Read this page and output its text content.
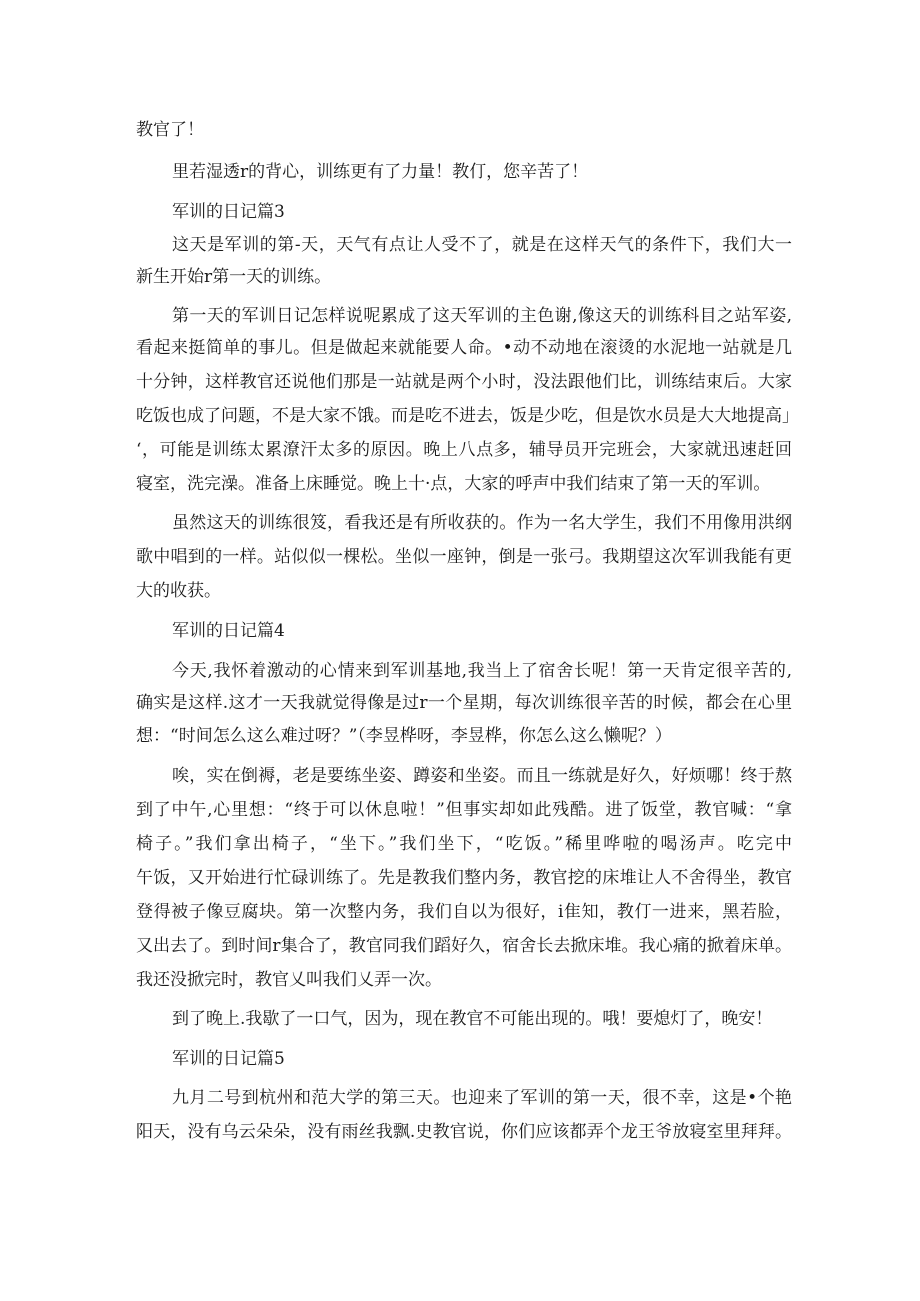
教官了！
里若湿透r的背心，训练更有了力量！教仃，您辛苦了！
军训的日记篇3
这天是军训的第-天，天气有点让人受不了，就是在这样天气的条件下，我们大一
新生开始r第一天的训练。
第一天的军训日记怎样说呢累成了这天军训的主色谢,像这天的训练科目之站军姿,
看起来挺简单的事儿。但是做起来就能要人命。•动不动地在滚烫的水泥地一站就是几
十分钟，这样教官还说他们那是一站就是两个小时，没法跟他们比，训练结束后。大家
吃饭也成了问题，不是大家不饿。而是吃不进去，饭是少吃，但是饮水员是大大地提高」
‘，可能是训练太累潦汗太多的原因。晚上八点多，辅导员开完班会，大家就迅速赶回
寝室，洗完澡。准备上床睡觉。晚上十·点，大家的呼声中我们结束了第一天的军训。
虽然这天的训练很笈，看我还是有所收获的。作为一名大学生，我们不用像用洪纲
歌中唱到的一样。站似似一棵松。坐似一座钟，倒是一张弓。我期望这次军训我能有更
大的收获。
军训的日记篇4
今天,我怀着激动的心情来到军训基地,我当上了宿舍长呢！第一天肯定很辛苦的,
确实是这样.这才一天我就觉得像是过r一个星期，每次训练很辛苦的时候，都会在心里
想：“时间怎么这么难过呀？”（李昱桦呀，李昱桦，你怎么这么懒呢？）
唉，实在倒褥，老是要练坐姿、蹲姿和坐姿。而且一练就是好久，好烦哪！终于熬
到了中午,心里想：“终于可以休息啦！”但事实却如此残酷。进了饭堂，教官喊：“拿
椅子。”我们拿出椅子，“坐下。”我们坐下，“吃饭。”稀里哗啦的喝汤声。吃完中
午饭，又开始进行忙碌训练了。先是教我们整内务，教官挖的床堆让人不舍得坐，教官
登得被子像豆腐块。第一次整内务，我们自以为很好，i隹知，教仃一进来，黑若脸，
又出去了。到时间r集合了，教官同我们蹈好久，宿舍长去掀床堆。我心痛的掀着床单。
我还没掀完时，教官乂叫我们乂弄一次。
到了晚上.我歇了一口气，因为，现在教官不可能出现的。哦！要熄灯了，晚安！
军训的日记篇5
九月二号到杭州和范大学的第三天。也迎来了军训的第一天，很不幸，这是•个艳
阳天，没有乌云朵朵，没有雨丝我飘.史教官说，你们应该都弄个龙王爷放寝室里拜拜。
